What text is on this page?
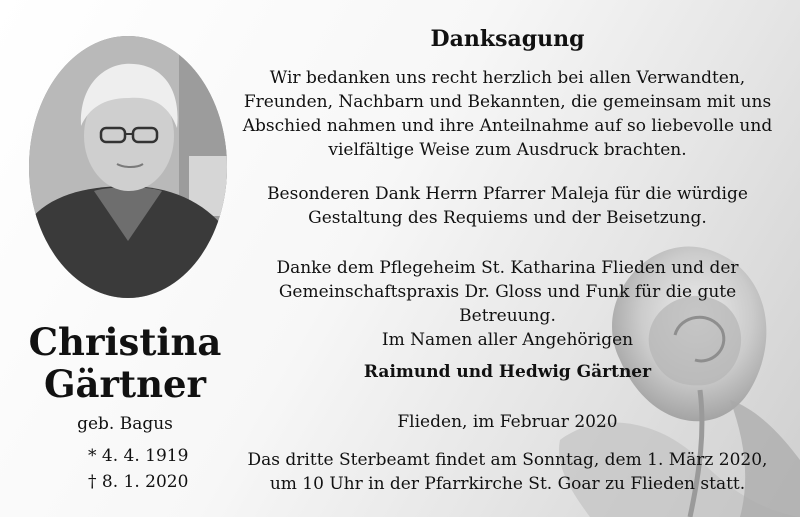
Christina

Gärtner

geb. Bagus

* 4. 4. 1919

† 8. 1. 2020

Danksagung

Wir bedanken uns recht herzlich bei allen Verwandten, Freunden, Nachbarn und Bekannten, die gemeinsam mit uns Abschied nahmen und ihre Anteilnahme auf so liebevolle und vielfältige Weise zum Ausdruck brachten.

Besonderen Dank Herrn Pfarrer Maleja für die würdige Gestaltung des Requiems und der Beisetzung.

Danke dem Pflegeheim St. Katharina Flieden und der Gemeinschaftspraxis Dr. Gloss und Funk für die gute Betreuung.

Im Namen aller Angehörigen

Raimund und Hedwig Gärtner

Flieden, im Februar 2020

Das dritte Sterbeamt findet am Sonntag, dem 1. März 2020, um 10 Uhr in der Pfarrkirche St. Goar zu Flieden statt.
